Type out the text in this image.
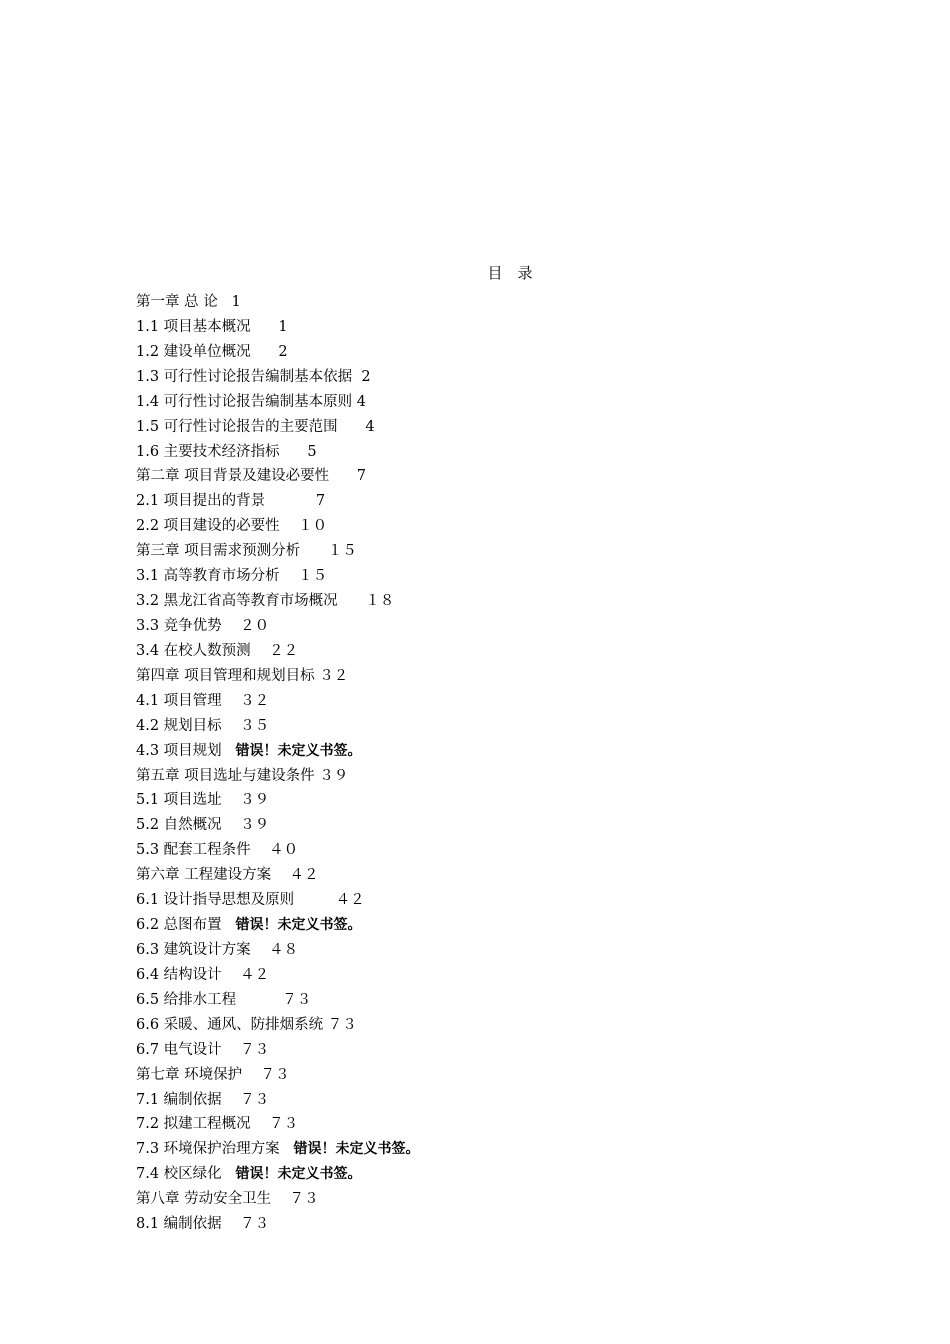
目　录
第一章 总 论 1
1.1 项目基本概况 1
1.2 建设单位概况 2
1.3 可行性讨论报告编制基本依据 2
1.4 可行性讨论报告编制基本原则 4
1.5 可行性讨论报告的主要范围 4
1.6 主要技术经济指标 5
第二章 项目背景及建设必要性 7
2.1 项目提出的背景	7
2.2 项目建设的必要性 １０
第三章 项目需求预测分析 １５
3.1 高等教育市场分析 １５
3.2 黑龙江省高等教育市场概况 １８
3.3 竞争优势 ２０
3.4 在校人数预测 ２２
第四章 项目管理和规划目标 ３２
4.1 项目管理 ３２
4.2 规划目标 ３５
4.3 项目规划 错误！未定义书签。
第五章 项目选址与建设条件 ３９
5.1 项目选址 ３９
5.2 自然概况 ３９
5.3 配套工程条件 ４０
第六章 工程建设方案 ４２
6.1 设计指导思想及原则	４２
6.2 总图布置 错误！未定义书签。
6.3 建筑设计方案 ４８
6.4 结构设计 ４２
6.5 给排水工程	７３
6.6 采暖、通风、防排烟系统 ７３
6.7 电气设计 ７３
第七章 环境保护 ７３
7.1 编制依据 ７３
7.2 拟建工程概况 ７３
7.3 环境保护治理方案 错误！未定义书签。
7.4 校区绿化 错误！未定义书签。
第八章 劳动安全卫生 ７３
8.1 编制依据 ７３
